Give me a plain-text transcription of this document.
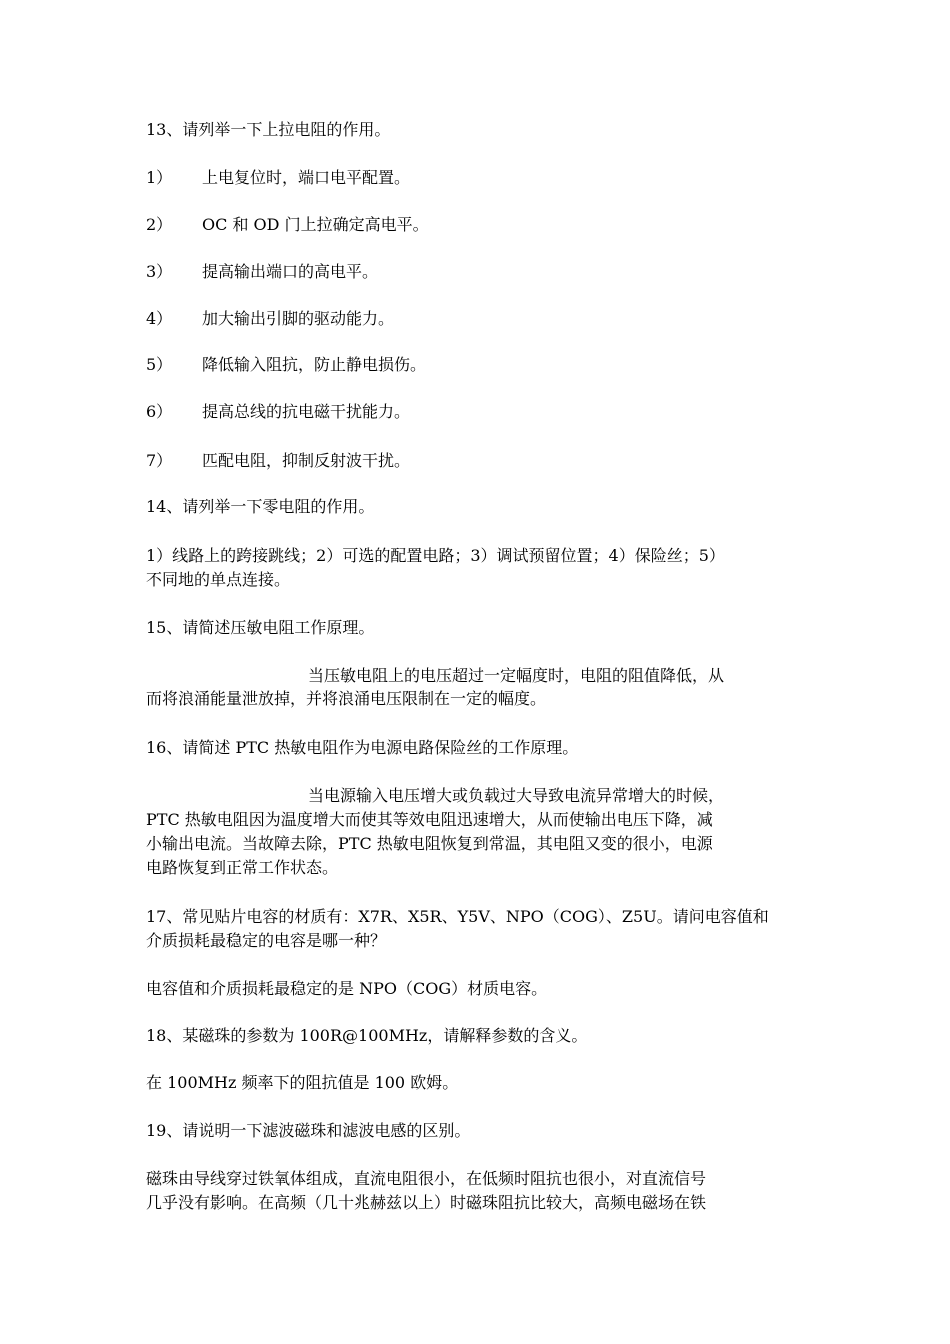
13、请列举一下上拉电阻的作用。
1） 上电复位时，端口电平配置。
2） OC 和 OD 门上拉确定高电平。
3） 提高输出端口的高电平。
4） 加大输出引脚的驱动能力。
5） 降低输入阻抗，防止静电损伤。
6） 提高总线的抗电磁干扰能力。
7） 匹配电阻，抑制反射波干扰。
14、请列举一下零电阻的作用。
1）线路上的跨接跳线；2）可选的配置电路；3）调试预留位置；4）保险丝；5）
不同地的单点连接。
15、请简述压敏电阻工作原理。
当压敏电阻上的电压超过一定幅度时，电阻的阻值降低，从
而将浪涌能量泄放掉，并将浪涌电压限制在一定的幅度。
16、请简述 PTC 热敏电阻作为电源电路保险丝的工作原理。
当电源输入电压增大或负载过大导致电流异常增大的时候，
PTC 热敏电阻因为温度增大而使其等效电阻迅速增大，从而使输出电压下降，减
小输出电流。当故障去除，PTC 热敏电阻恢复到常温，其电阻又变的很小，电源
电路恢复到正常工作状态。
17、常见贴片电容的材质有：X7R、X5R、Y5V、NPO（COG）、Z5U。请问电容值和
介质损耗最稳定的电容是哪一种？
电容值和介质损耗最稳定的是 NPO（COG）材质电容。
18、某磁珠的参数为 100R@100MHz，请解释参数的含义。
在 100MHz 频率下的阻抗值是 100 欧姆。
19、请说明一下滤波磁珠和滤波电感的区别。
磁珠由导线穿过铁氧体组成，直流电阻很小，在低频时阻抗也很小，对直流信号
几乎没有影响。在高频（几十兆赫兹以上）时磁珠阻抗比较大，高频电磁场在铁
